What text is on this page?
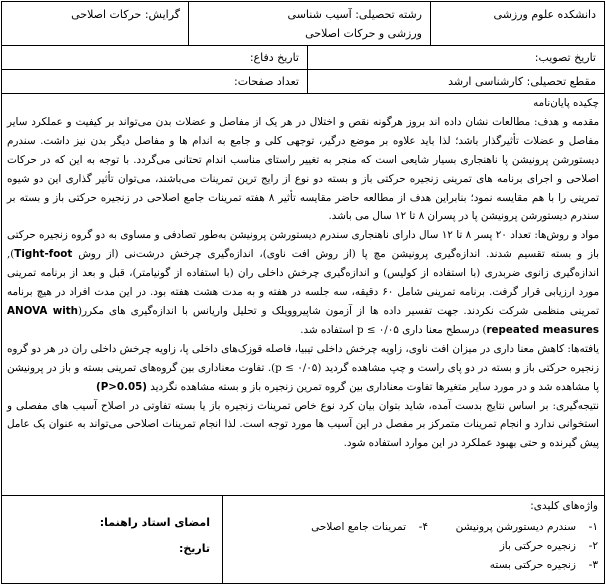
دانشکده علوم ورزشی
رشته تحصیلی: آسیب شناسی
ورزشی و حرکات اصلاحی
گرایش: حرکات اصلاحی
تاریخ تصویب:
تاریخ دفاع:
مقطع تحصیلی: کارشناسی ارشد
تعداد صفحات:

چکیده پایان‌نامه

مقدمه و هدف: مطالعات نشان داده اند بروز هرگونه نقص و اختلال در هر یک از مفاصل و عضلات بدن می‌تواند بر کیفیت و عملکرد سایر مفاصل و عضلات تأثیرگذار باشد؛ لذا باید علاوه بر موضع درگیر، توجهی کلی و جامع به اندام ها و مفاصل دیگر بدن نیز داشت. سندرم دیستورشن پرونیشن پا ناهنجاری بسیار شایعی است که منجر به تغییر راستای مناسب اندام تحتانی می‌گردد. با توجه به این که در حرکات اصلاحی و اجرای برنامه های تمرینی زنجیره حرکتی باز و بسته دو نوع از رایج ترین تمرینات می‌باشند، می‌توان تأثیر گذاری این دو شیوه تمرینی را با هم مقایسه نمود؛ بنابراین هدف از مطالعه حاضر مقایسه تأثیر ۸ هفته تمرینات جامع اصلاحی در زنجیره حرکتی باز و بسته بر سندرم دیستورشن پرونیشن پا در پسران ۸ تا ۱۲ سال می باشد.

مواد و روش‌ها: تعداد ۲۰ پسر ۸ تا ۱۲ سال دارای ناهنجاری سندرم دیستورشن پرونیشن به‌طور تصادفی و مساوی به دو گروه زنجیره حرکتی باز و بسته تقسیم شدند. اندازه‌گیری پرونیشن مچ پا (از روش افت ناوی)، اندازه‌گیری چرخش درشت‌نی (از روش Tight-foot), اندازه‌گیری زانوی ضربدری (با استفاده از کولیس) و اندازه‌گیری چرخش داخلی ران (با استفاده از گونیامتر)، قبل و بعد از برنامه تمرینی مورد ارزیابی قرار گرفت. برنامه تمرینی شامل ۶۰ دقیقه، سه جلسه در هفته و به مدت هشت هفته بود. در این مدت افراد در هیچ برنامه تمرینی منظمی شرکت نکردند. جهت تفسیر داده ها از آزمون شاپیروویلک و تحلیل واریانس با اندازه‌گیری های مکرر(ANOVA with repeated measures) درسطح معنا داری p ≤ ۰/۰۵ استفاده شد.

یافته‌ها: کاهش معنا داری در میزان افت ناوی، زاویه چرخش داخلی تیبیا، فاصله قوزک‌های داخلی پا، زاویه چرخش داخلی ران در هر دو گروه زنجیره حرکتی باز و بسته در دو پای راست و چپ مشاهده گردید (p ≤ ۰/۰۵). تفاوت معناداری بین گروه‌های تمرینی بسته و باز در پرونیشن پا مشاهده شد و در مورد سایر متغیرها تفاوت معناداری بین گروه تمرین زنجیره باز و بسته مشاهده نگردید (P>0.05)

نتیجه‌گیری: بر اساس نتایج بدست آمده، شاید بتوان بیان کرد نوع خاص تمرینات زنجیره باز یا بسته تفاوتی در اصلاح آسیب های مفصلی و استخوانی ندارد و انجام تمرینات متمرکز بر مفصل در این آسیب ها مورد توجه است. لذا انجام تمرینات اصلاحی می‌تواند به عنوان یک عامل پیش گیرنده و حتی بهبود عملکرد در این موارد استفاده شود.

واژه‌های کلیدی:
۱-سندرم دیستورشن پرونیشن
۴-تمرینات جامع اصلاحی
۲-زنجیره حرکتی باز
۳-زنجیره حرکتی بسته
امضای استاد راهنما:
تاریخ:
